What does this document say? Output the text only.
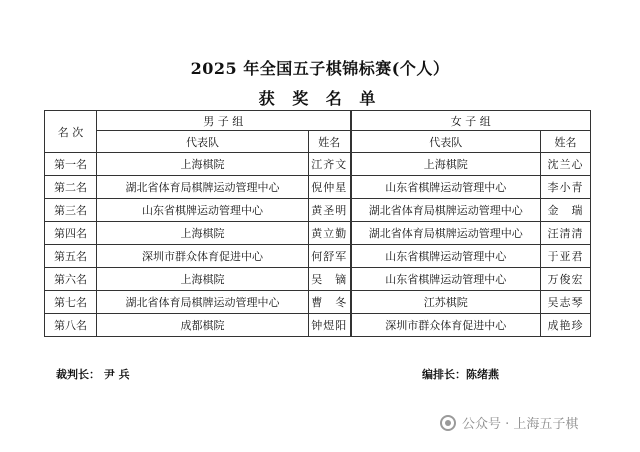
2025 年全国五子棋锦标赛(个人）
获 奖 名 单
名 次	男 子 组		女 子 组	
	代表队	姓名	代表队	姓名
第一名	上海棋院	江齐文	上海棋院	沈兰心
第二名	湖北省体育局棋牌运动管理中心	倪仲星	山东省棋牌运动管理中心	李小青
第三名	山东省棋牌运动管理中心	黄圣明	湖北省体育局棋牌运动管理中心	金　瑞
第四名	上海棋院	黄立勤	湖北省体育局棋牌运动管理中心	汪清清
第五名	深圳市群众体育促进中心	何舒军	山东省棋牌运动管理中心	于亚君
第六名	上海棋院	吴　镝	山东省棋牌运动管理中心	万俊宏
第七名	湖北省体育局棋牌运动管理中心	曹　冬	江苏棋院	吴志琴
第八名	成都棋院	钟煜阳	深圳市群众体育促进中心	成艳珍
裁判长： 尹 兵	编排长：陈绪燕
公众号 · 上海五子棋
